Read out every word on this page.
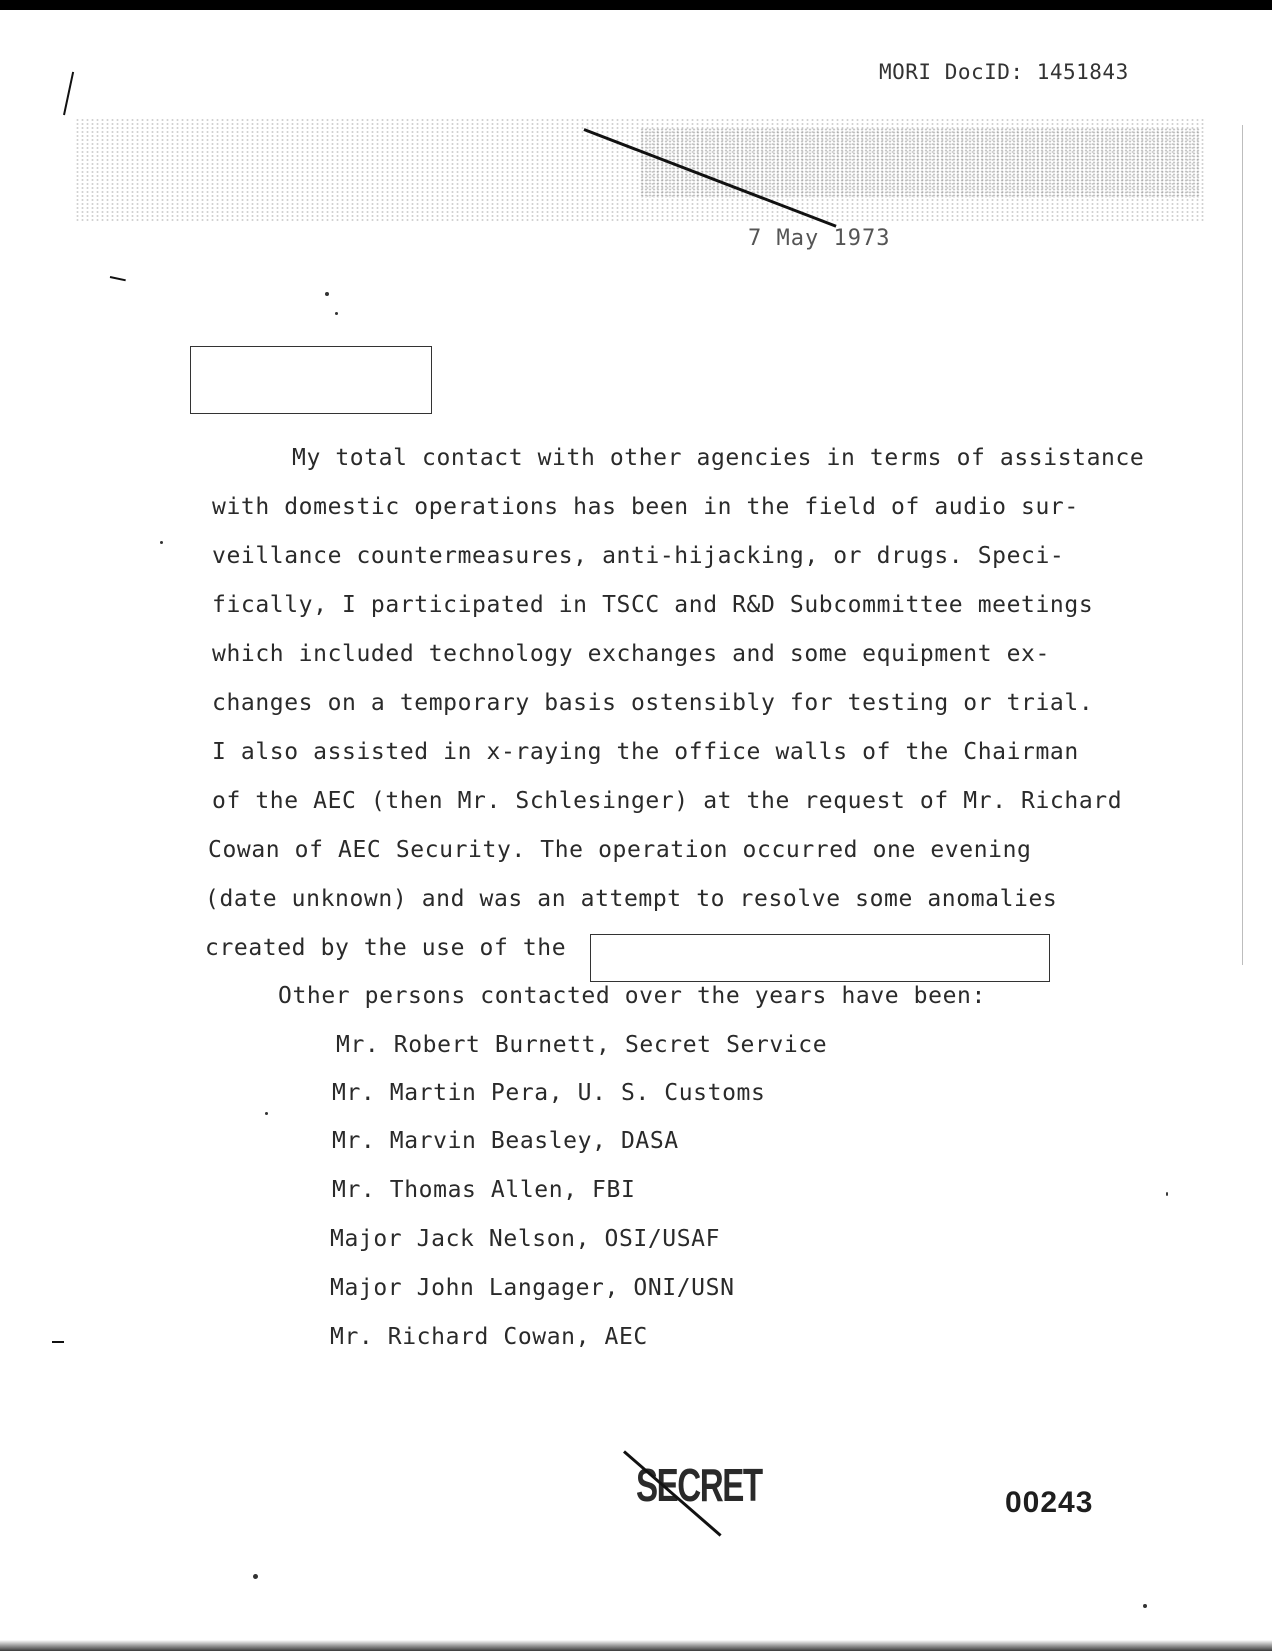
MORI DocID: 1451843
7 May 1973
My total contact with other agencies in terms of assistance
with domestic operations has been in the field of audio sur-
veillance countermeasures, anti-hijacking, or drugs. Speci-
fically, I participated in TSCC and R&D Subcommittee meetings
which included technology exchanges and some equipment ex-
changes on a temporary basis ostensibly for testing or trial.
I also assisted in x-raying the office walls of the Chairman
of the AEC (then Mr. Schlesinger) at the request of Mr. Richard
Cowan of AEC Security. The operation occurred one evening
(date unknown) and was an attempt to resolve some anomalies
created by the use of the
Other persons contacted over the years have been:
Mr. Robert Burnett, Secret Service
Mr. Martin Pera, U. S. Customs
Mr. Marvin Beasley, DASA
Mr. Thomas Allen, FBI
Major Jack Nelson, OSI/USAF
Major John Langager, ONI/USN
Mr. Richard Cowan, AEC
SECRET	00243
